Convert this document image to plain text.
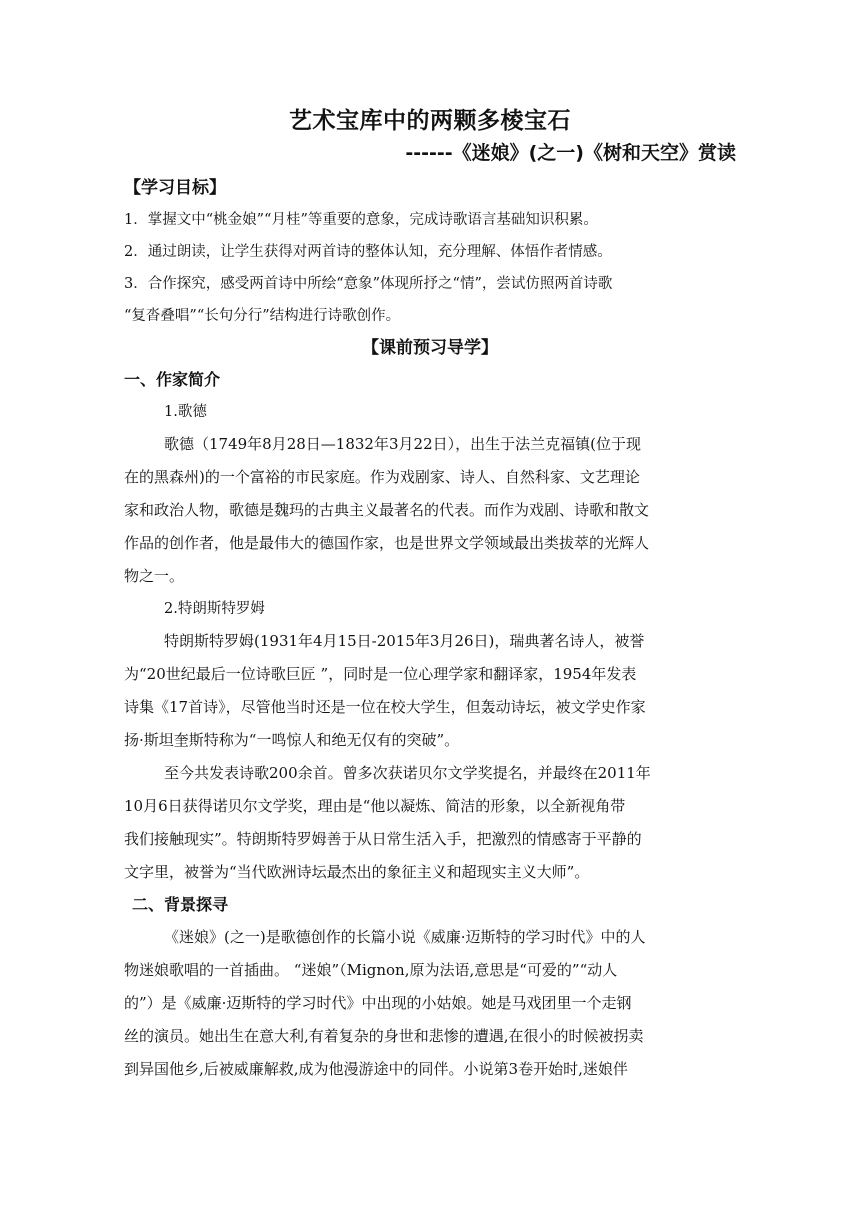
艺术宝库中的两颗多棱宝石
------《迷娘》(之一)《树和天空》赏读
【学习目标】
1．掌握文中“桃金娘”“月桂”等重要的意象，完成诗歌语言基础知识积累。
2．通过朗读，让学生获得对两首诗的整体认知，充分理解、体悟作者情感。
3．合作探究，感受两首诗中所绘“意象”体现所抒之“情”，尝试仿照两首诗歌
“复沓叠唱”“长句分行”结构进行诗歌创作。
【课前预习导学】
一、作家简介
1.歌德
歌德（1749年8月28日—1832年3月22日），出生于法兰克福镇(位于现
在的黑森州)的一个富裕的市民家庭。作为戏剧家、诗人、自然科家、文艺理论
家和政治人物，歌德是魏玛的古典主义最著名的代表。而作为戏剧、诗歌和散文
作品的创作者，他是最伟大的德国作家，也是世界文学领域最出类拔萃的光辉人
物之一。
2.特朗斯特罗姆
特朗斯特罗姆(1931年4月15日-2015年3月26日)，瑞典著名诗人，被誉
为“20世纪最后一位诗歌巨匠 ”，同时是一位心理学家和翻译家，1954年发表
诗集《17首诗》，尽管他当时还是一位在校大学生，但轰动诗坛，被文学史作家
扬·斯坦奎斯特称为“一鸣惊人和绝无仅有的突破”。
至今共发表诗歌200余首。曾多次获诺贝尔文学奖提名，并最终在2011年
10月6日获得诺贝尔文学奖，理由是“他以凝炼、简洁的形象，以全新视角带
我们接触现实”。特朗斯特罗姆善于从日常生活入手，把激烈的情感寄于平静的
文字里，被誉为“当代欧洲诗坛最杰出的象征主义和超现实主义大师”。
二、背景探寻
《迷娘》(之一)是歌德创作的长篇小说《威廉·迈斯特的学习时代》中的人
物迷娘歌唱的一首插曲。 “迷娘”（Mignon,原为法语,意思是“可爱的”“动人
的”）是《威廉·迈斯特的学习时代》中出现的小姑娘。她是马戏团里一个走钢
丝的演员。她出生在意大利,有着复杂的身世和悲惨的遭遇,在很小的时候被拐卖
到异国他乡,后被威廉解救,成为他漫游途中的同伴。小说第3卷开始时,迷娘伴
